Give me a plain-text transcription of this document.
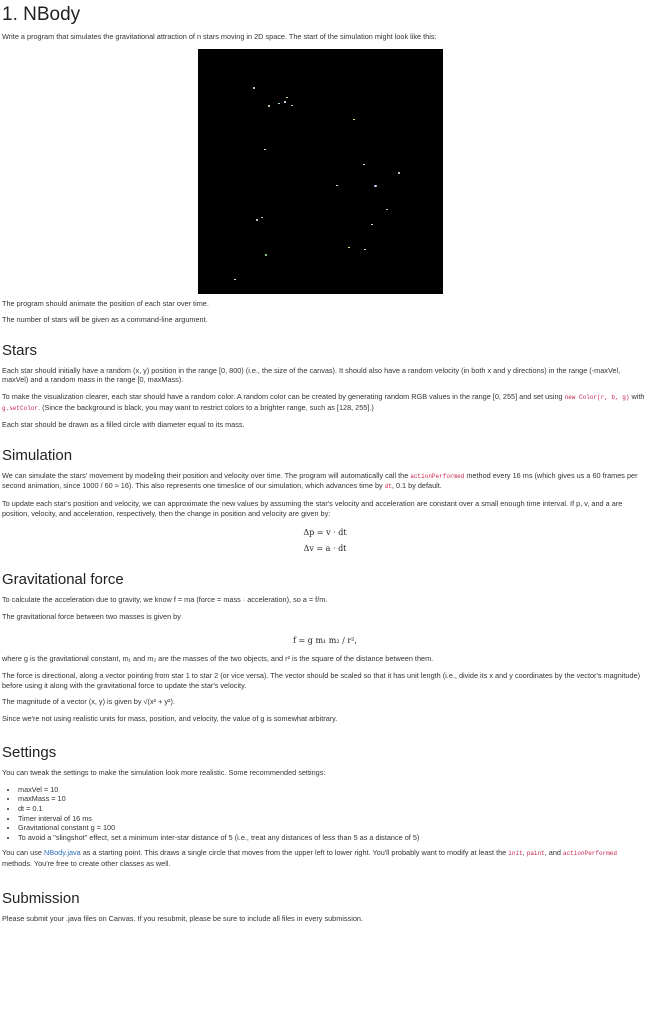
1. NBody

Write a program that simulates the gravitational attraction of n stars moving in 2D space. The start of the simulation might look like this:

The program should animate the position of each star over time.

The number of stars will be given as a command-line argument.

Stars

Each star should initially have a random (x, y) position in the range [0, 800) (i.e., the size of the canvas). It should also have a random velocity (in both x and y directions) in the range (-maxVel, maxVel) and a random mass in the range [0, maxMass).

To make the visualization clearer, each star should have a random color. A random color can be created by generating random RGB values in the range [0, 255] and set using new Color(r, b, g) with g.setColor. (Since the background is black, you may want to restrict colors to a brighter range, such as [128, 255].)

Each star should be drawn as a filled circle with diameter equal to its mass.

Simulation

We can simulate the stars' movement by modeling their position and velocity over time. The program will automatically call the actionPerformed method every 16 ms (which gives us a 60 frames per second animation, since 1000 / 60 ≈ 16). This also represents one timeslice of our simulation, which advances time by dt, 0.1 by default.

To update each star's position and velocity, we can approximate the new values by assuming the star's velocity and acceleration are constant over a small enough time interval. If p, v, and a are position, velocity, and acceleration, respectively, then the change in position and velocity are given by:

Δp = v · dt
Δv = a · dt
Gravitational force

To calculate the acceleration due to gravity, we know f = ma (force = mass · acceleration), so a = f/m.

The gravitational force between two masses is given by

f = g m₁ m₂ / r²,

where g is the gravitational constant, m₁ and m₂ are the masses of the two objects, and r² is the square of the distance between them.

The force is directional, along a vector pointing from star 1 to star 2 (or vice versa). The vector should be scaled so that it has unit length (i.e., divide its x and y coordinates by the vector's magnitude) before using it along with the gravitational force to update the star's velocity.

The magnitude of a vector (x, y) is given by √(x² + y²).

Since we're not using realistic units for mass, position, and velocity, the value of g is somewhat arbitrary.

Settings

You can tweak the settings to make the simulation look more realistic. Some recommended settings:

• maxVel = 10
• maxMass = 10
• dt = 0.1
• Timer interval of 16 ms
• Gravitational constant g = 100
• To avoid a "slingshot" effect, set a minimum inter-star distance of 5 (i.e., treat any distances of less than 5 as a distance of 5)

You can use NBody.java as a starting point. This draws a single circle that moves from the upper left to lower right. You'll probably want to modify at least the init, paint, and actionPerformed methods. You're free to create other classes as well.

Submission

Please submit your .java files on Canvas. If you resubmit, please be sure to include all files in every submission.
